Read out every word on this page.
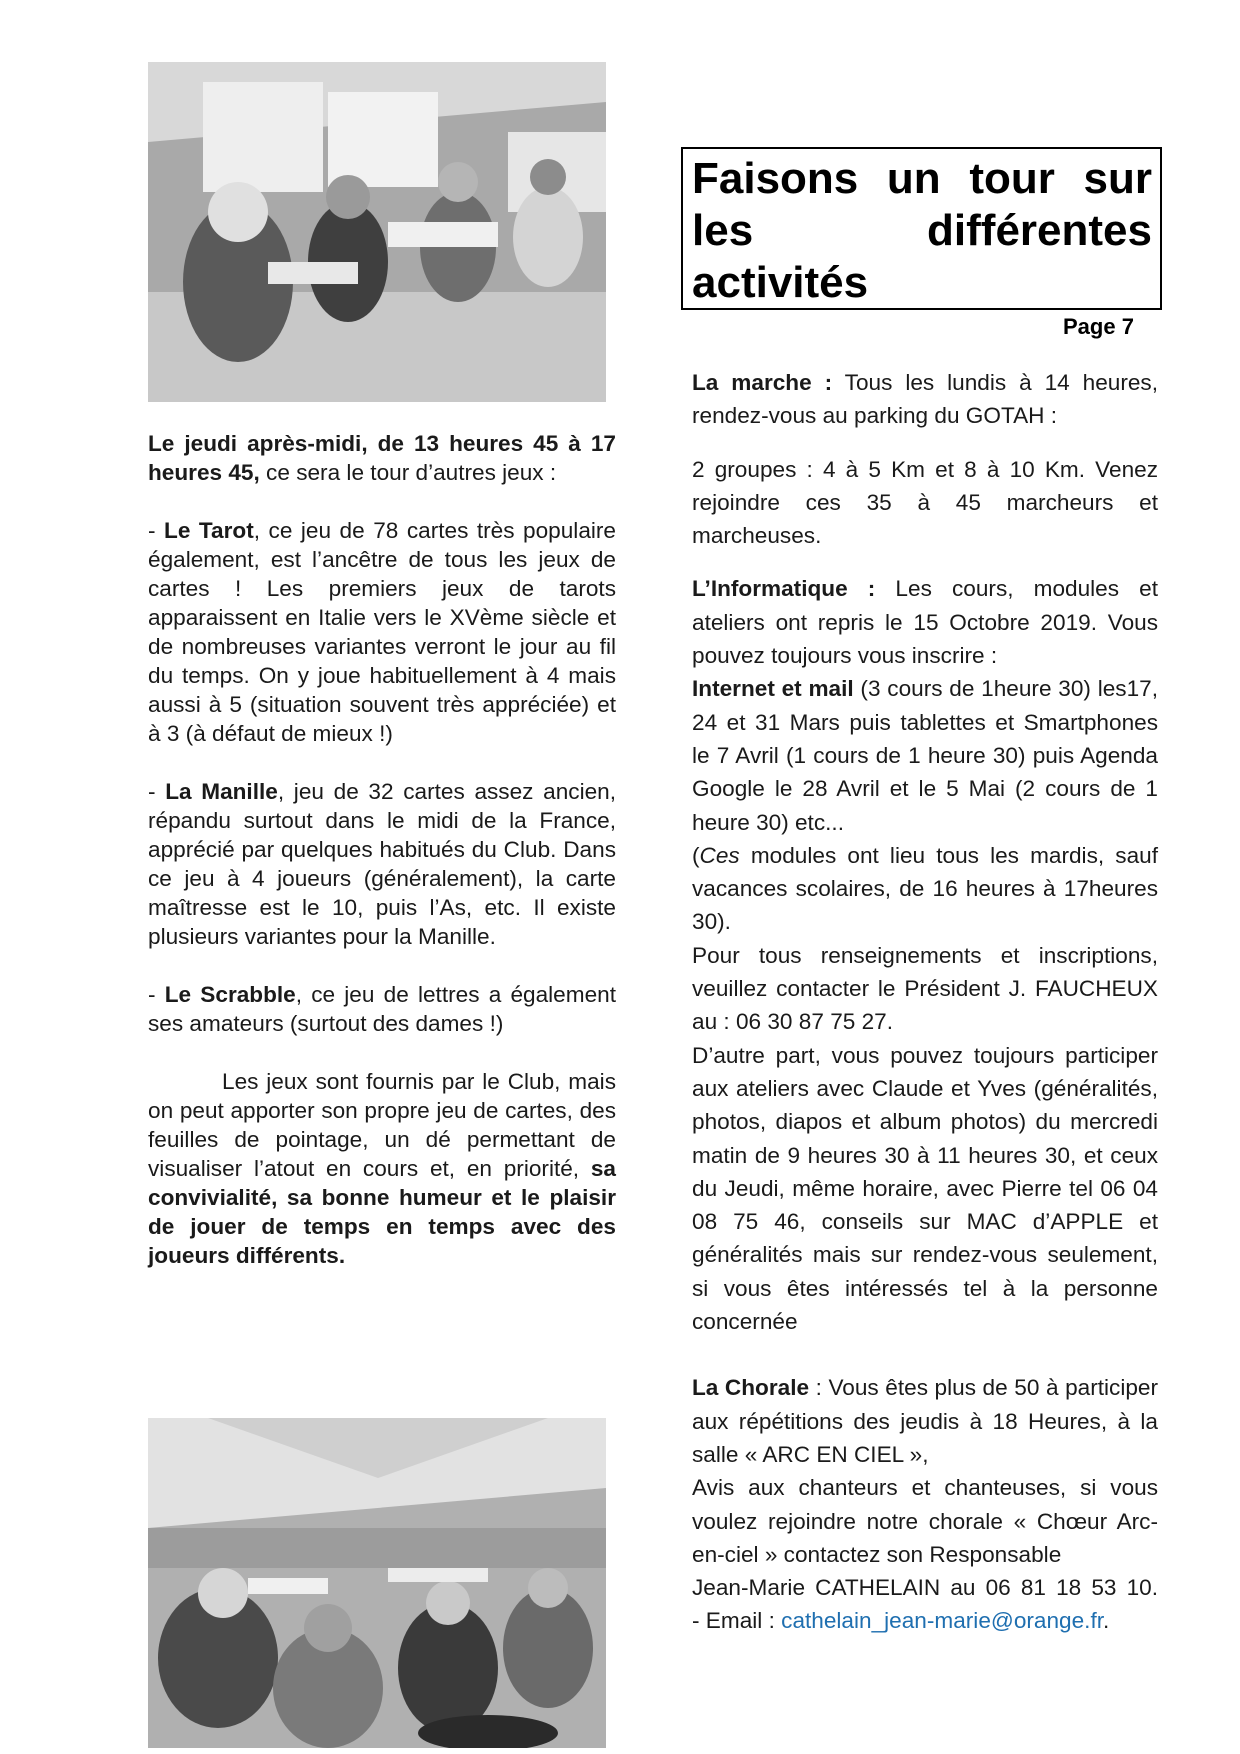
Le jeudi après-midi, de 13 heures 45 à 17 heures 45, ce sera le tour d’autres jeux :

- Le Tarot, ce jeu de 78 cartes très populaire également, est l’ancêtre de tous les jeux de cartes ! Les premiers jeux de tarots apparaissent en Italie vers le XVème siècle et de nombreuses variantes verront le jour au fil du temps. On y joue habituellement à 4 mais aussi à 5 (situation souvent très appréciée) et à 3 (à défaut de mieux !)

- La Manille, jeu de 32 cartes assez ancien, répandu surtout dans le midi de la France, apprécié par quelques habitués du Club. Dans ce jeu à 4 joueurs (généralement), la carte maîtresse est le 10, puis l’As, etc. Il existe plusieurs variantes pour la Manille.

- Le Scrabble, ce jeu de lettres a également ses amateurs (surtout des dames !)

Les jeux sont fournis par le Club, mais on peut apporter son propre jeu de cartes, des feuilles de pointage, un dé permettant de visualiser l’atout en cours et, en priorité, sa convivialité, sa bonne humeur et le plaisir de jouer de temps en temps avec des joueurs différents.

Faisons un tour sur les différentes activités
Page 7

La marche : Tous les lundis à 14 heures, rendez-vous au parking du GOTAH :

2 groupes : 4 à 5 Km et 8 à 10 Km. Venez rejoindre ces 35 à 45 marcheurs et marcheuses.

L’Informatique : Les cours, modules et ateliers ont repris le 15 Octobre 2019. Vous pouvez toujours vous inscrire :

Internet et mail (3 cours de 1heure 30) les17, 24 et 31 Mars puis tablettes et Smartphones le 7 Avril (1 cours de 1 heure 30) puis Agenda Google le 28 Avril et le 5 Mai (2 cours de 1 heure 30) etc...

(Ces modules ont lieu tous les mardis, sauf vacances scolaires, de 16 heures à 17heures 30).

Pour tous renseignements et inscriptions, veuillez contacter le Président J. FAUCHEUX au : 06 30 87 75 27.

D’autre part, vous pouvez toujours participer aux ateliers avec Claude et Yves (généralités, photos, diapos et album photos) du mercredi matin de 9 heures 30 à 11 heures 30, et ceux du Jeudi, même horaire, avec Pierre tel 06 04 08 75 46, conseils sur MAC d’APPLE et généralités mais sur rendez-vous seulement, si vous êtes intéressés tel à la personne concernée

La Chorale : Vous êtes plus de 50 à participer aux répétitions des jeudis à 18 Heures, à la salle « ARC EN CIEL »,

Avis aux chanteurs et chanteuses, si vous voulez rejoindre notre chorale « Chœur Arc-en-ciel » contactez son Responsable

Jean-Marie CATHELAIN au 06 81 18 53 10.        - Email : cathelain_jean-marie@orange.fr.
